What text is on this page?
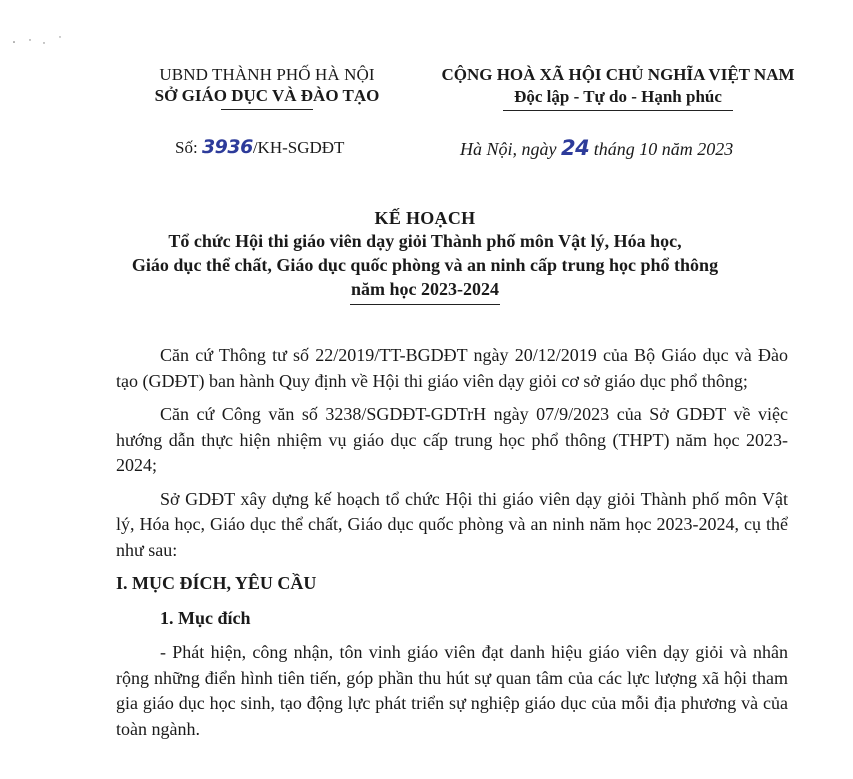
UBND THÀNH PHỐ HÀ NỘI
SỞ GIÁO DỤC VÀ ĐÀO TẠO
CỘNG HOÀ XÃ HỘI CHỦ NGHĨA VIỆT NAM
Độc lập - Tự do - Hạnh phúc
Số: 3936/KH-SGDĐT	Hà Nội, ngày 24 tháng 10 năm 2023
KẾ HOẠCH
Tổ chức Hội thi giáo viên dạy giỏi Thành phố môn Vật lý, Hóa học,
Giáo dục thể chất, Giáo dục quốc phòng và an ninh cấp trung học phổ thông
năm học 2023-2024

Căn cứ Thông tư số 22/2019/TT-BGDĐT ngày 20/12/2019 của Bộ Giáo dục và Đào tạo (GDĐT) ban hành Quy định về Hội thi giáo viên dạy giỏi cơ sở giáo dục phổ thông;

Căn cứ Công văn số 3238/SGDĐT-GDTrH ngày 07/9/2023 của Sở GDĐT về việc hướng dẫn thực hiện nhiệm vụ giáo dục cấp trung học phổ thông (THPT) năm học 2023-2024;

Sở GDĐT xây dựng kế hoạch tổ chức Hội thi giáo viên dạy giỏi Thành phố môn Vật lý, Hóa học, Giáo dục thể chất, Giáo dục quốc phòng và an ninh năm học 2023-2024, cụ thể như sau:

I. MỤC ĐÍCH, YÊU CẦU

1. Mục đích

- Phát hiện, công nhận, tôn vinh giáo viên đạt danh hiệu giáo viên dạy giỏi và nhân rộng những điển hình tiên tiến, góp phần thu hút sự quan tâm của các lực lượng xã hội tham gia giáo dục học sinh, tạo động lực phát triển sự nghiệp giáo dục của mỗi địa phương và của toàn ngành.
